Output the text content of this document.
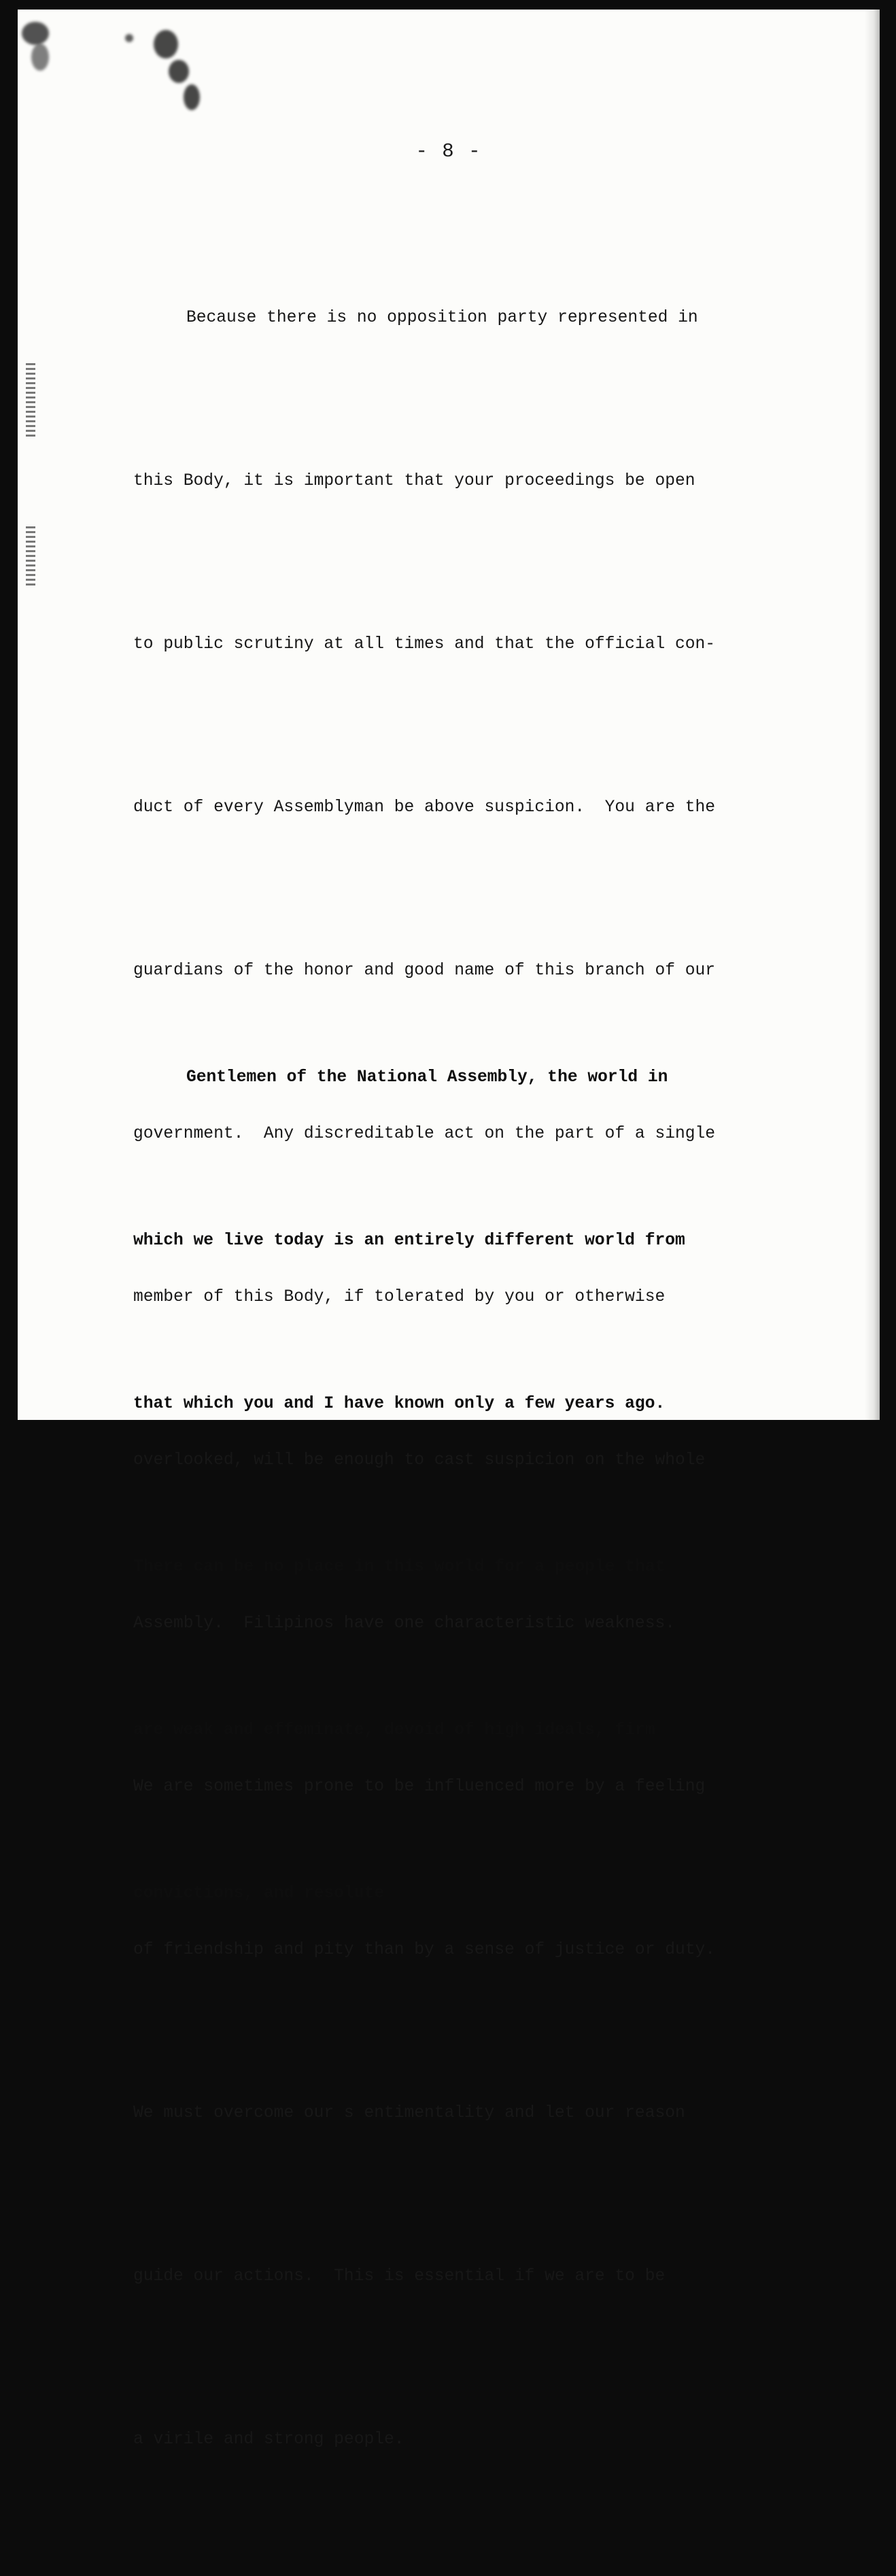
- 8 -

Because there is no opposition party represented in

this Body, it is important that your proceedings be open

to public scrutiny at all times and that the official con-

duct of every Assemblyman be above suspicion.  You are the

guardians of the honor and good name of this branch of our

government.  Any discreditable act on the part of a single

member of this Body, if tolerated by you or otherwise

overlooked, will be enough to cast suspicion on the whole

Assembly.  Filipinos have one characteristic weakness.

We are sometimes prone to be influenced more by a feeling

of friendship and pity than by a sense of justice or duty.

We must overcome our s entimentality and let our reason

guide our actions.  This is essential if we are to be

a virile and strong people.

Gentlemen of the National Assembly, the world in

which we live today is an entirely different world from

that which you and I have known only a few years ago.

There can be no place in this world for a people that

are weak and effeminate, devoid of high ideals, firm

convictions, and resolute
